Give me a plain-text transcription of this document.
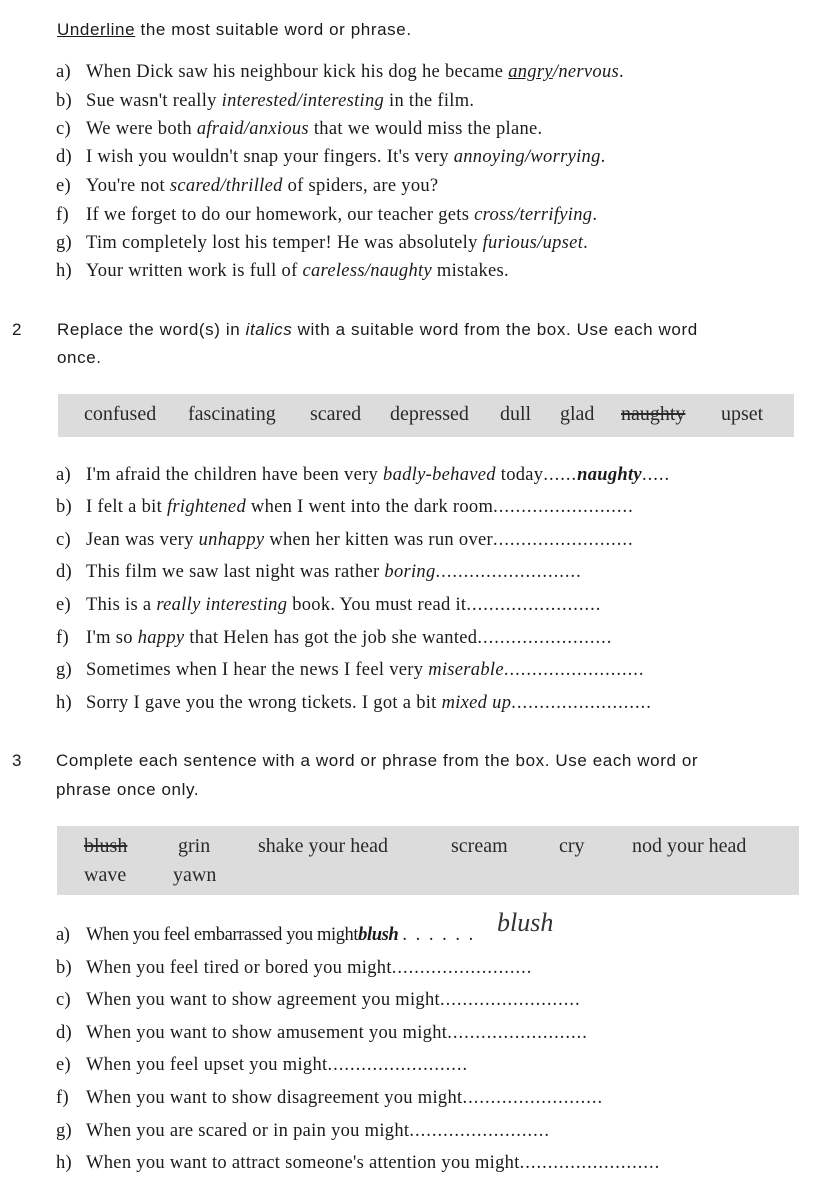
Underline the most suitable word or phrase.
a) When Dick saw his neighbour kick his dog he became angry/nervous.
b) Sue wasn't really interested/interesting in the film.
c) We were both afraid/anxious that we would miss the plane.
d) I wish you wouldn't snap your fingers. It's very annoying/worrying.
e) You're not scared/thrilled of spiders, are you?
f) If we forget to do our homework, our teacher gets cross/terrifying.
g) Tim completely lost his temper! He was absolutely furious/upset.
h) Your written work is full of careless/naughty mistakes.
2 Replace the word(s) in italics with a suitable word from the box. Use each word
once.
confused fascinating scared depressed dull glad naughty upset
a) I'm afraid the children have been very badly-behaved today......naughty.....
b) I felt a bit frightened when I went into the dark room.........................
c) Jean was very unhappy when her kitten was run over.........................
d) This film we saw last night was rather boring..........................
e) This is a really interesting book. You must read it........................
f) I'm so happy that Helen has got the job she wanted........................
g) Sometimes when I hear the news I feel very miserable.........................
h) Sorry I gave you the wrong tickets. I got a bit mixed up.........................
3 Complete each sentence with a word or phrase from the box. Use each word or
phrase once only.
blush	grin shake your head	scream	cry nod your head
wave yawn
blush
a) When you feel embarrassed you mightblush . . . . . .
b) When you feel tired or bored you might.........................
c) When you want to show agreement you might.........................
d) When you want to show amusement you might.........................
e) When you feel upset you might.........................
f) When you want to show disagreement you might.........................
g) When you are scared or in pain you might.........................
h) When you want to attract someone's attention you might.........................
